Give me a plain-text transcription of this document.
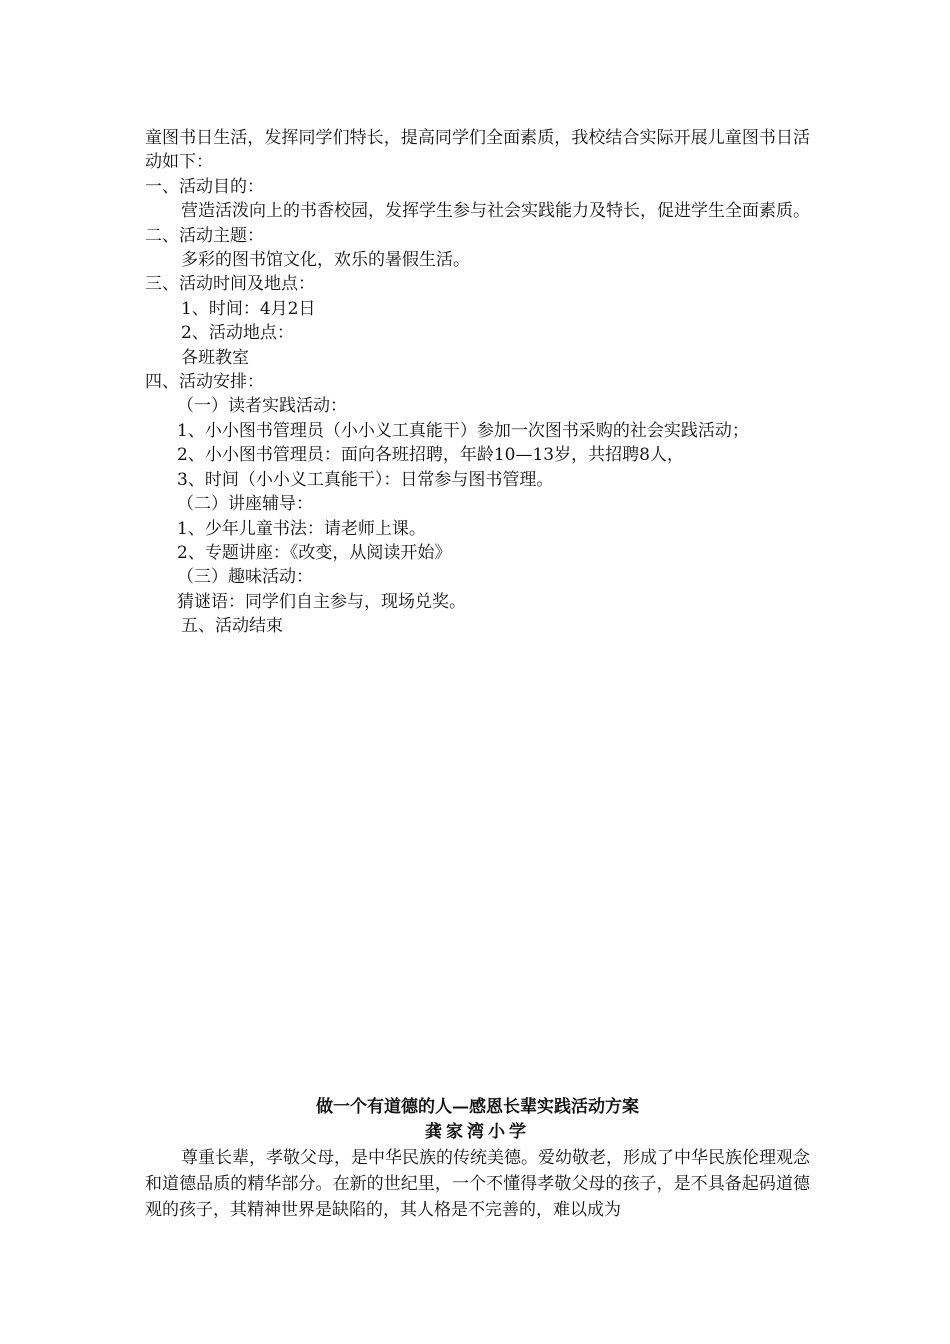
童图书日生活，发挥同学们特长，提高同学们全面素质，我校结合实际开展儿童图书日活动如下：
一、活动目的：
营造活泼向上的书香校园，发挥学生参与社会实践能力及特长，促进学生全面素质。
二、活动主题：
多彩的图书馆文化，欢乐的暑假生活。
三、活动时间及地点：
1、时间：4月2日
2、活动地点：
各班教室
四、活动安排：
（一）读者实践活动：
1、小小图书管理员（小小义工真能干）参加一次图书采购的社会实践活动；
2、小小图书管理员：面向各班招聘，年龄10—13岁，共招聘8人，
3、时间（小小义工真能干）：日常参与图书管理。
（二）讲座辅导：
1、少年儿童书法：请老师上课。
2、专题讲座：《改变，从阅读开始》
（三）趣味活动：
猜谜语：同学们自主参与，现场兑奖。
五、活动结束
做一个有道德的人—感恩长辈实践活动方案
龚家湾小学
尊重长辈，孝敬父母，是中华民族的传统美德。爱幼敬老，形成了中华民族伦理观念和道德品质的精华部分。在新的世纪里，一个不懂得孝敬父母的孩子，是不具备起码道德观的孩子，其精神世界是缺陷的，其人格是不完善的，难以成为
